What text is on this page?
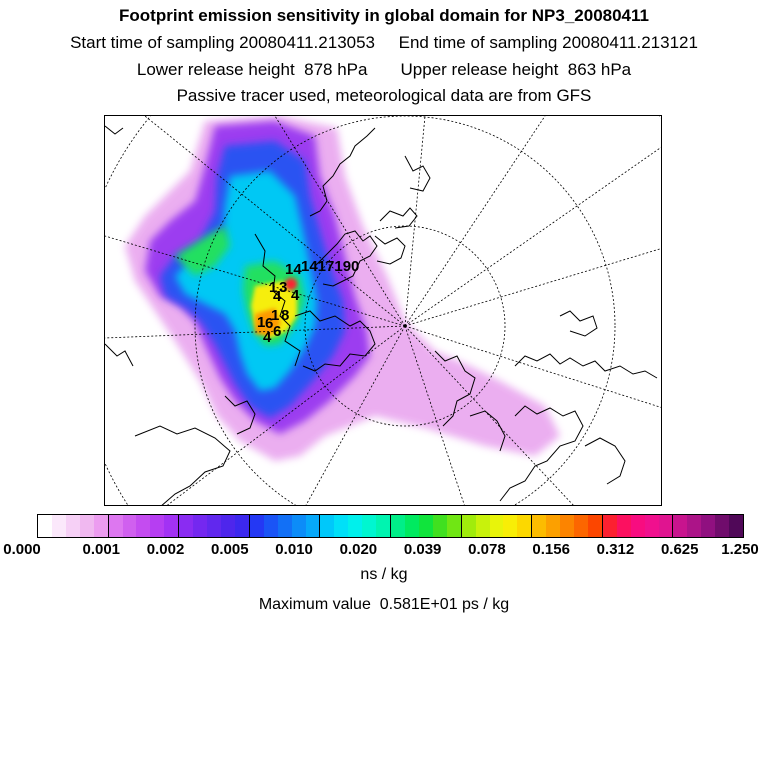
Footprint emission sensitivity in global domain for NP3_20080411
Start time of sampling 20080411.213053 End time of sampling 20080411.213121
Lower release height  878 hPa Upper release height  863 hPa
Passive tracer used, meteorological data are from GFS
14 1417190
1 3
4 4
1 8
1 6 6
4
0.000	0.001 0.002 0.005 0.010 0.020 0.039 0.078 0.156 0.312 0.625 1.250
ns / kg
Maximum value  0.581E+01 ps / kg
